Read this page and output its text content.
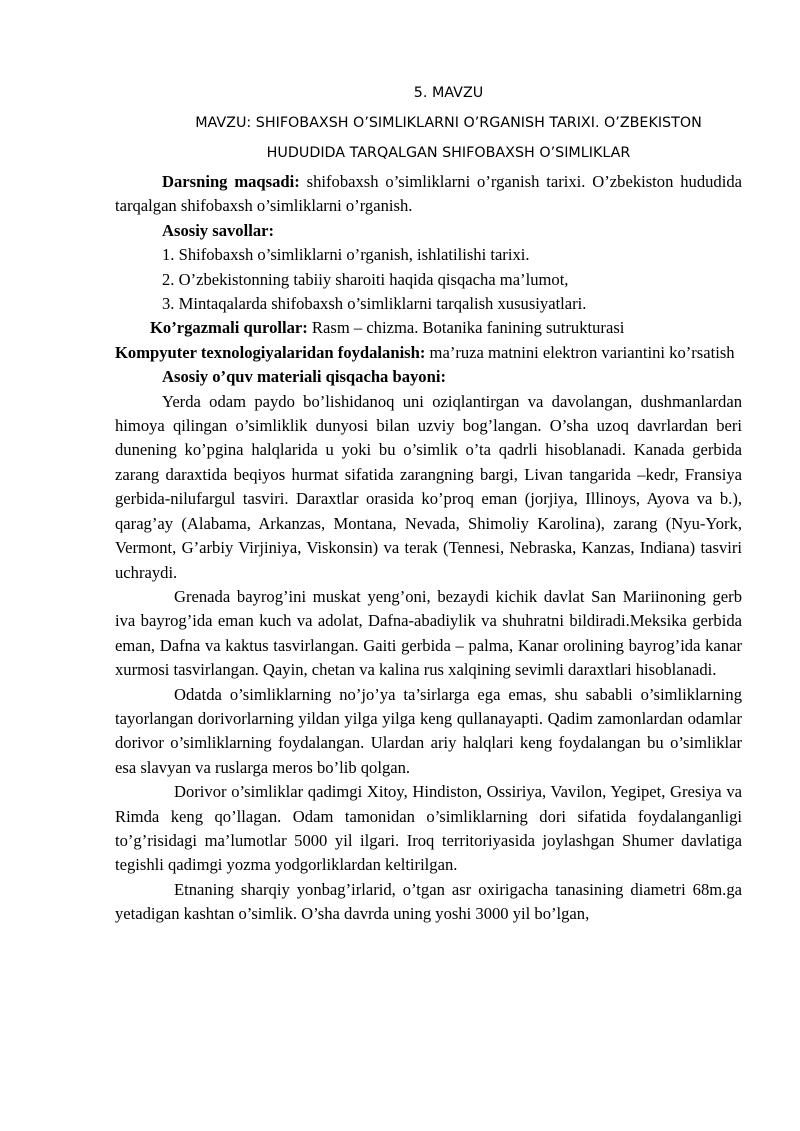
5. MAVZU
MAVZU: SHIFOBAXSH O’SIMLIKLARNI O’RGANISH TARIXI. O’ZBEKISTON
HUDUDIDA TARQALGAN SHIFOBAXSH O’SIMLIKLAR

Darsning maqsadi: shifobaxsh o’simliklarni o’rganish tarixi. O’zbekiston hududida tarqalgan shifobaxsh o’simliklarni o’rganish.

Asosiy savollar:

1. Shifobaxsh o’simliklarni o’rganish, ishlatilishi tarixi.

2. O’zbekistonning tabiiy sharoiti haqida qisqacha ma’lumot,

3. Mintaqalarda shifobaxsh o’simliklarni tarqalish xususiyatlari.

Ko’rgazmali qurollar: Rasm – chizma. Botanika fanining sutrukturasi

Kompyuter texnologiyalaridan foydalanish: ma’ruza matnini elektron variantini ko’rsatish

Asosiy o’quv materiali qisqacha bayoni:

Yerda odam paydo bo’lishidanoq uni oziqlantirgan va davolangan, dushmanlardan himoya qilingan o’simliklik dunyosi bilan uzviy bog’langan. O’sha uzoq davrlardan beri dunening ko’pgina halqlarida u yoki bu o’simlik o’ta qadrli hisoblanadi. Kanada gerbida zarang daraxtida beqiyos hurmat sifatida zarangning bargi, Livan tangarida –kedr, Fransiya gerbida-nilufargul tasviri. Daraxtlar orasida ko’proq eman (jorjiya, Illinoys, Ayova va b.), qarag’ay (Alabama, Arkanzas, Montana, Nevada, Shimoliy Karolina), zarang (Nyu-York, Vermont, G’arbiy Virjiniya, Viskonsin) va terak (Tennesi, Nebraska, Kanzas, Indiana) tasviri uchraydi.

Grenada bayrog’ini muskat yeng’oni, bezaydi kichik davlat San Mariinoning gerb iva bayrog’ida eman kuch va adolat, Dafna-abadiylik va shuhratni bildiradi.Meksika gerbida eman, Dafna va kaktus tasvirlangan. Gaiti gerbida – palma, Kanar orolining bayrog’ida kanar xurmosi tasvirlangan. Qayin, chetan va kalina rus xalqining sevimli daraxtlari hisoblanadi.

Odatda o’simliklarning no’jo’ya ta’sirlarga ega emas, shu sababli o’simliklarning tayorlangan dorivorlarning yildan yilga yilga keng qullanayapti. Qadim zamonlardan odamlar dorivor o’simliklarning foydalangan. Ulardan ariy halqlari keng foydalangan bu o’simliklar esa slavyan va ruslarga meros bo’lib qolgan.

Dorivor o’simliklar qadimgi Xitoy, Hindiston, Ossiriya, Vavilon, Yegipet, Gresiya va Rimda keng qo’llagan. Odam tamonidan o’simliklarning dori sifatida foydalanganligi to’g’risidagi ma’lumotlar 5000 yil ilgari. Iroq territoriyasida joylashgan Shumer davlatiga tegishli qadimgi yozma yodgorliklardan keltirilgan.

Etnaning sharqiy yonbag’irlarid, o’tgan asr oxirigacha tanasining diametri 68m.ga yetadigan kashtan o’simlik. O’sha davrda uning yoshi 3000 yil bo’lgan,
